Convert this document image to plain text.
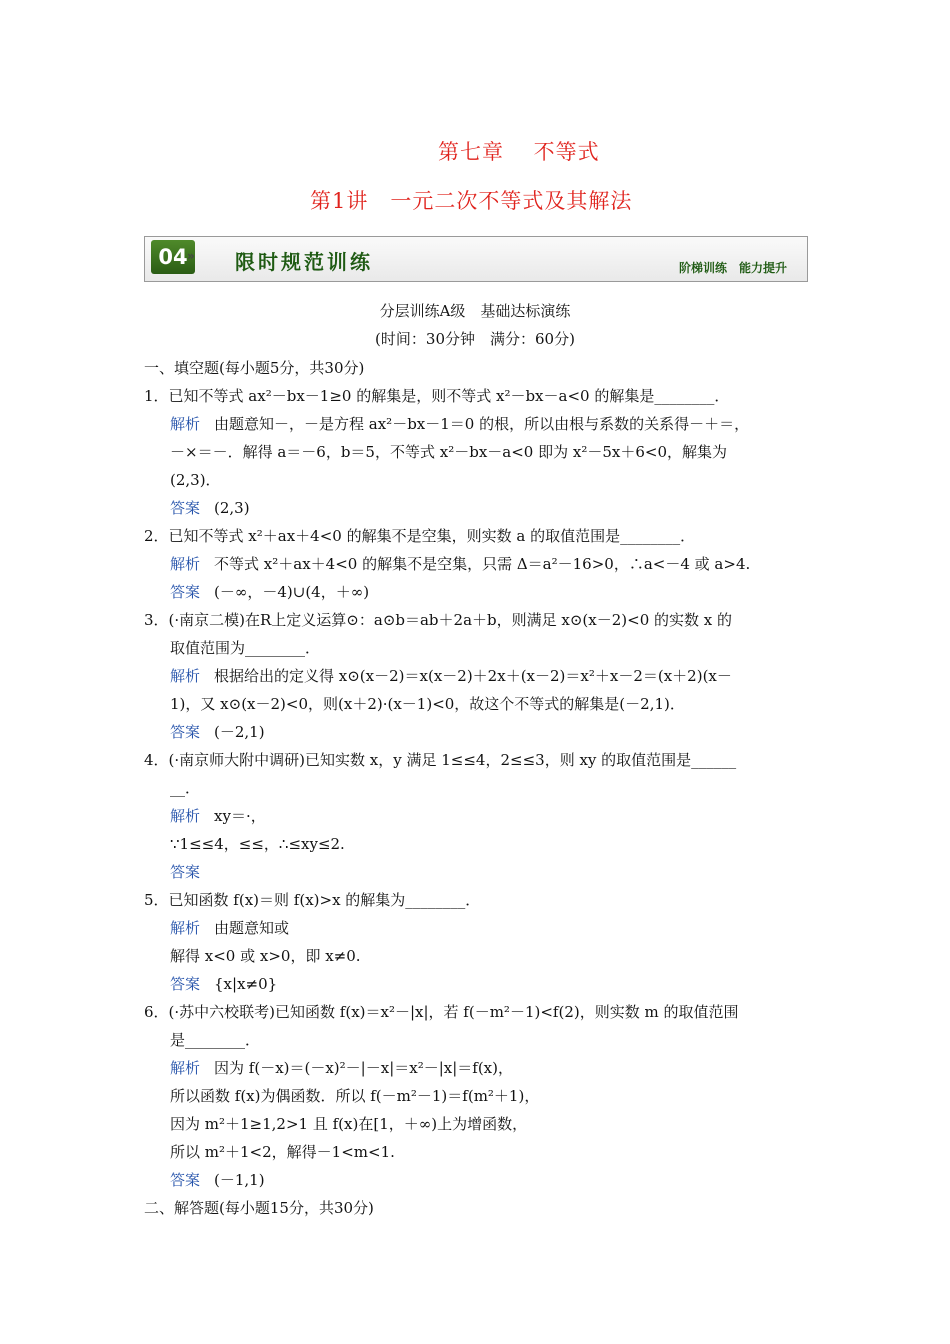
第七章　 不等式
第1讲　一元二次不等式及其解法
04 » 限时规范训练	阶梯训练　能力提升
分层训练A级　基础达标演练
(时间：30分钟　满分：60分)
一、填空题(每小题5分，共30分)
1．已知不等式 ax²－bx－1≥0 的解集是，则不等式 x²－bx－a<0 的解集是________．
解析 由题意知－，－是方程 ax²－bx－1＝0 的根，所以由根与系数的关系得－＋＝，
－×＝－．解得 a＝－6，b＝5，不等式 x²－bx－a<0 即为 x²－5x＋6<0，解集为
(2,3)．
答案 (2,3)
2．已知不等式 x²＋ax＋4<0 的解集不是空集，则实数 a 的取值范围是________．
解析 不等式 x²＋ax＋4<0 的解集不是空集，只需 Δ＝a²－16>0，∴a<－4 或 a>4.
答案 (－∞，－4)∪(4，＋∞)
3．(·南京二模)在R上定义运算⊙：a⊙b＝ab＋2a＋b，则满足 x⊙(x－2)<0 的实数 x 的
取值范围为________．
解析 根据给出的定义得 x⊙(x－2)＝x(x－2)＋2x＋(x－2)＝x²＋x－2＝(x＋2)(x－
1)，又 x⊙(x－2)<0，则(x＋2)·(x－1)<0，故这个不等式的解集是(－2,1)．
答案 (－2,1)
4．(·南京师大附中调研)已知实数 x，y 满足 1≤≤4，2≤≤3，则 xy 的取值范围是______
__．
解析 xy＝·，
∵1≤≤4，≤≤，∴≤xy≤2.
答案
5．已知函数 f(x)＝则 f(x)>x 的解集为________．
解析 由题意知或
解得 x<0 或 x>0，即 x≠0.
答案 {x|x≠0}
6．(·苏中六校联考)已知函数 f(x)＝x²－|x|，若 f(－m²－1)<f(2)，则实数 m 的取值范围
是________．
解析 因为 f(－x)＝(－x)²－|－x|＝x²－|x|＝f(x)，
所以函数 f(x)为偶函数．所以 f(－m²－1)＝f(m²＋1)，
因为 m²＋1≥1,2>1 且 f(x)在[1，＋∞)上为增函数，
所以 m²＋1<2，解得－1<m<1.
答案 (－1,1)
二、解答题(每小题15分，共30分)
